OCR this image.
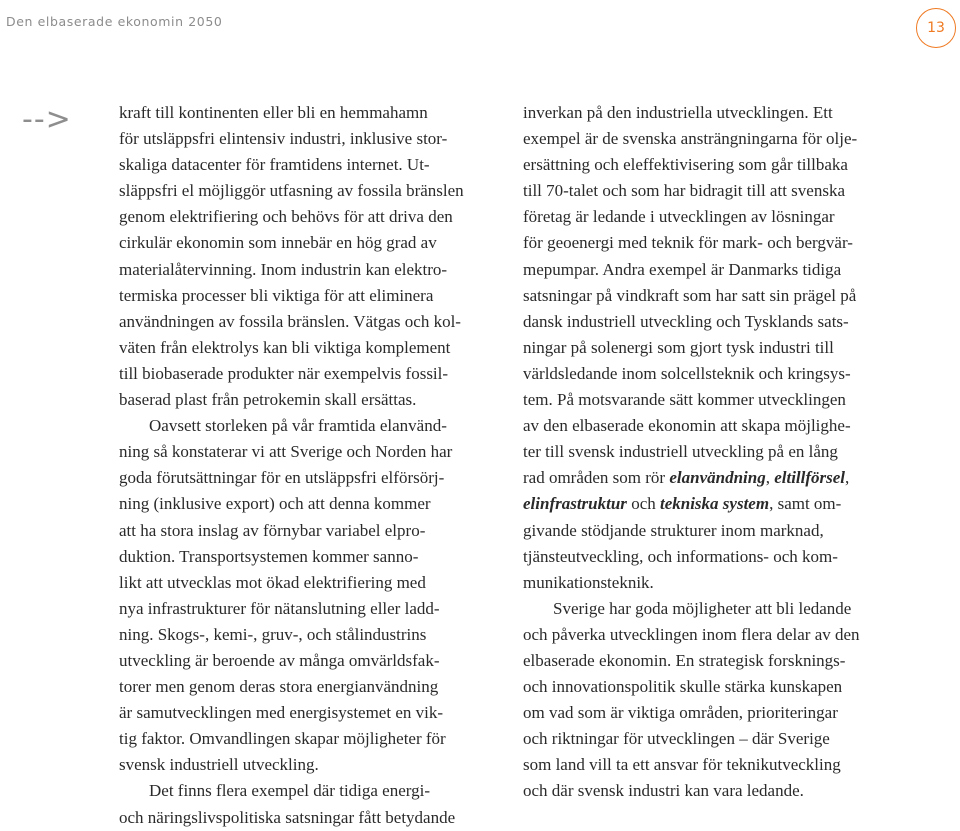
Den elbaserade ekonomin 2050	13
-->	kraft till kontinenten eller bli en hemmahamn
för utsläppsfri elintensiv industri, inklusive stor-
skaliga datacenter för framtidens internet. Ut-
släppsfri el möjliggör utfasning av fossila bränslen
genom elektrifiering och behövs för att driva den
cirkulär ekonomin som innebär en hög grad av
materialåtervinning. Inom industrin kan elektro-
termiska processer bli viktiga för att eliminera
användningen av fossila bränslen. Vätgas och kol-
väten från elektrolys kan bli viktiga komplement
till biobaserade produkter när exempelvis fossil-
baserad plast från petrokemin skall ersättas.
Oavsett storleken på vår framtida elanvänd-
ning så konstaterar vi att Sverige och Norden har
goda förutsättningar för en utsläppsfri elförsörj-
ning (inklusive export) och att denna kommer
att ha stora inslag av förnybar variabel elpro-
duktion. Transportsystemen kommer sanno-
likt att utvecklas mot ökad elektrifiering med
nya infrastrukturer för nätanslutning eller ladd-
ning. Skogs-, kemi-, gruv-, och stålindustrins
utveckling är beroende av många omvärldsfak-
torer men genom deras stora energianvändning
är samutvecklingen med energisystemet en vik-
tig faktor. Omvandlingen skapar möjligheter för
svensk industriell utveckling.
Det finns flera exempel där tidiga energi-
och näringslivspolitiska satsningar fått betydande
inverkan på den industriella utvecklingen. Ett
exempel är de svenska ansträngningarna för olje-
ersättning och eleffektivisering som går tillbaka
till 70-talet och som har bidragit till att svenska
företag är ledande i utvecklingen av lösningar
för geoenergi med teknik för mark- och bergvär-
mepumpar. Andra exempel är Danmarks tidiga
satsningar på vindkraft som har satt sin prägel på
dansk industriell utveckling och Tysklands sats-
ningar på solenergi som gjort tysk industri till
världsledande inom solcellsteknik och kringsys-
tem. På motsvarande sätt kommer utvecklingen
av den elbaserade ekonomin att skapa möjlighe-
ter till svensk industriell utveckling på en lång
rad områden som rör elanvändning, eltillförsel,
elinfrastruktur och tekniska system, samt om-
givande stödjande strukturer inom marknad,
tjänsteutveckling, och informations- och kom-
munikationsteknik.
Sverige har goda möjligheter att bli ledande
och påverka utvecklingen inom flera delar av den
elbaserade ekonomin. En strategisk forsknings-
och innovationspolitik skulle stärka kunskapen
om vad som är viktiga områden, prioriteringar
och riktningar för utvecklingen – där Sverige
som land vill ta ett ansvar för teknikutveckling
och där svensk industri kan vara ledande.
